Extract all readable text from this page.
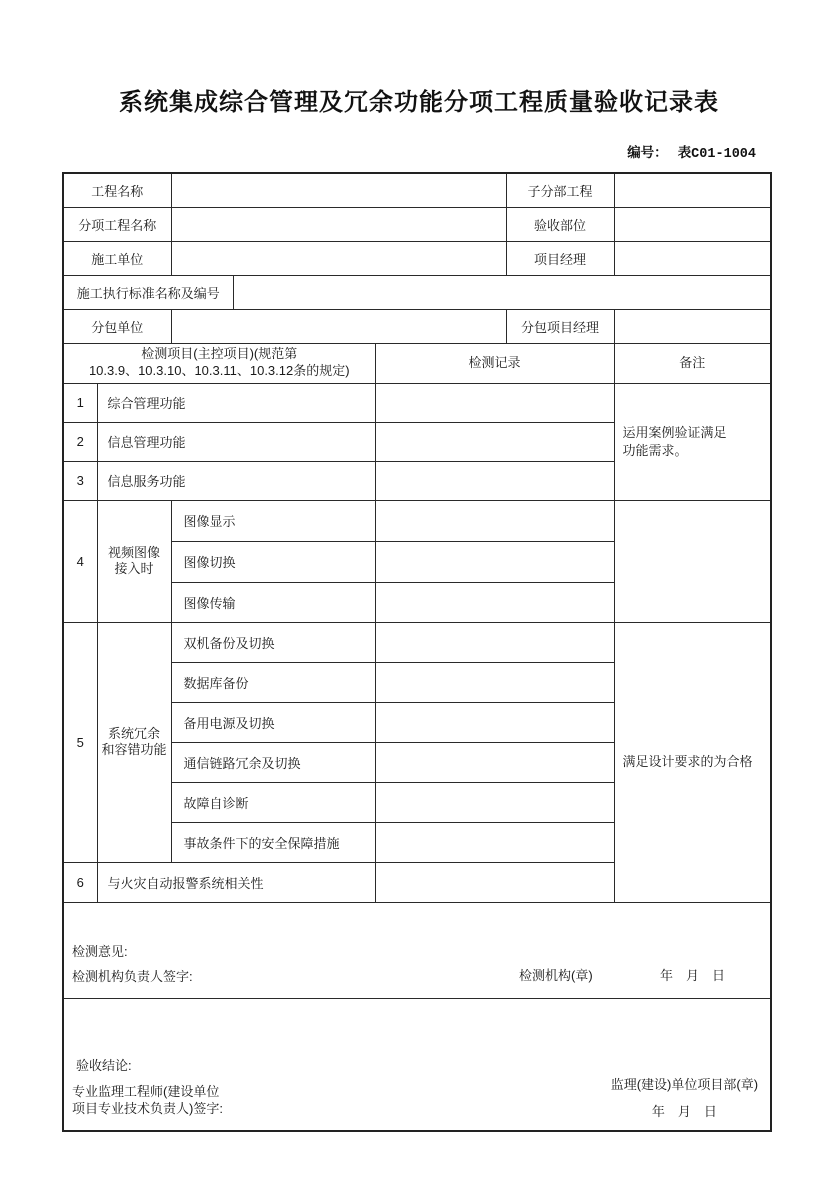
系统集成综合管理及冗余功能分项工程质量验收记录表
编号： 表C01-1004
工程名称					子分部工程	
分项工程名称					验收部位	
施工单位					项目经理	
施工执行标准名称及编号						
分包单位					分包项目经理	

检测项目(主控项目)(规范第
10.3.9、10.3.10、10.3.11、10.3.12条的规定)				检测记录		备注
1	综合管理功能					运用案例验证满足
功能需求。

2	信息管理功能					
3	信息服务功能					
4	视频图像
接入时	图像显示				
		图像切换				
		图像传输				
5	系统冗余
和容错功能	双机备份及切换				满足设计要求的为合格
		数据库备份				
		备用电源及切换				
		通信链路冗余及切换				
		故障自诊断				
		事故条件下的安全保障措施				
6	与火灾自动报警系统相关性					

检测意见:
检测机构负责人签字: 检测机构(章) 年　月　日						

验收结论:
专业监理工程师(建设单位
项目专业技术负责人)签字:
监理(建设)单位项目部(章)
年　月　日						
